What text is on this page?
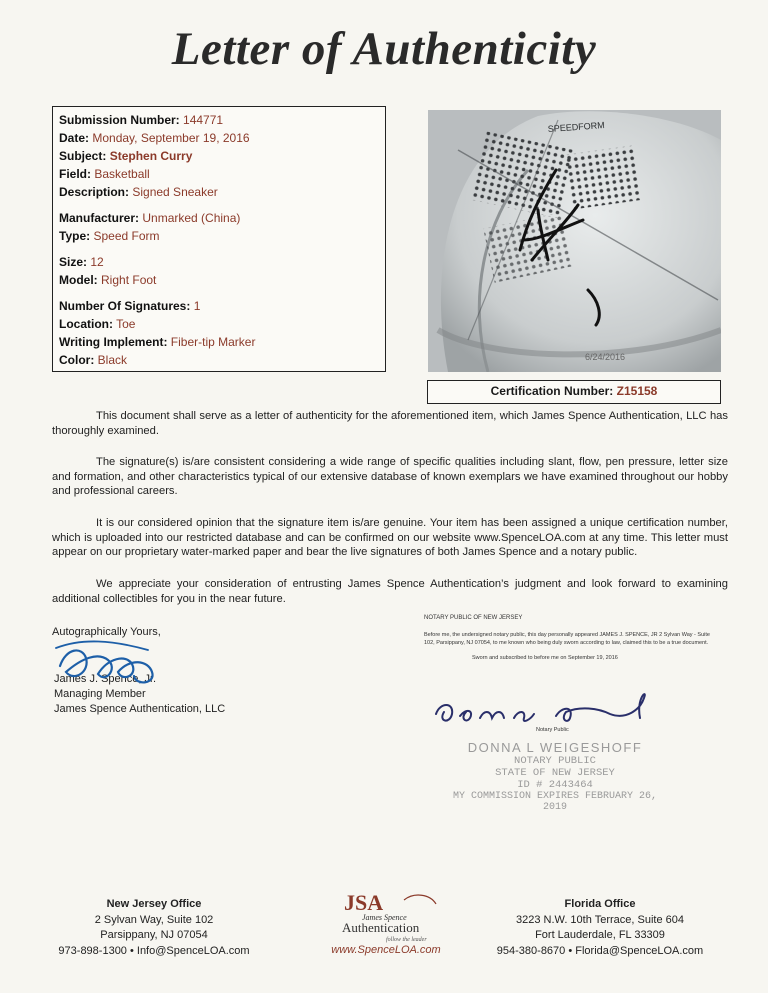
Letter of Authenticity
Submission Number: 144771
Date: Monday, September 19, 2016
Subject: Stephen Curry
Field: Basketball
Description: Signed Sneaker
Manufacturer: Unmarked (China)
Type: Speed Form
Size: 12
Model: Right Foot
Number Of Signatures: 1
Location: Toe
Writing Implement: Fiber-tip Marker
Color: Black
SPEEDFORM
6/24/2016
Certification Number: Z15158
This document shall serve as a letter of authenticity for the aforementioned item, which James Spence Authentication, LLC has thoroughly examined.
The signature(s) is/are consistent considering a wide range of specific qualities including slant, flow, pen pressure, letter size and formation, and other characteristics typical of our extensive database of known exemplars we have examined throughout our hobby and professional careers.
It is our considered opinion that the signature item is/are genuine. Your item has been assigned a unique certification number, which is uploaded into our restricted database and can be confirmed on our website www.SpenceLOA.com at any time. This letter must appear on our proprietary water-marked paper and bear the live signatures of both James Spence and a notary public.
We appreciate your consideration of entrusting James Spence Authentication’s judgment and look forward to examining additional collectibles for you in the near future.
Autographically Yours,
James J. Spence, Jr.
Managing Member
James Spence Authentication, LLC
NOTARY PUBLIC OF NEW JERSEY
Before me, the undersigned notary public, this day personally appeared JAMES J. SPENCE, JR 2 Sylvan Way - Suite 102, Parsippany, NJ 07054, to me known who being duly sworn according to law, claimed this to be a true document.
Sworn and subscribed to before me on September 19, 2016
Notary Public
DONNA L WEIGESHOFF
NOTARY PUBLIC
STATE OF NEW JERSEY
ID # 2443464
MY COMMISSION EXPIRES FEBRUARY 26, 2019
New Jersey Office
2 Sylvan Way, Suite 102
Parsippany, NJ 07054
973-898-1300 • Info@SpenceLOA.com
JSA
James Spence
Authentication
follow the leader
www.SpenceLOA.com
Florida Office
3223 N.W. 10th Terrace, Suite 604
Fort Lauderdale, FL 33309
954-380-8670 • Florida@SpenceLOA.com
